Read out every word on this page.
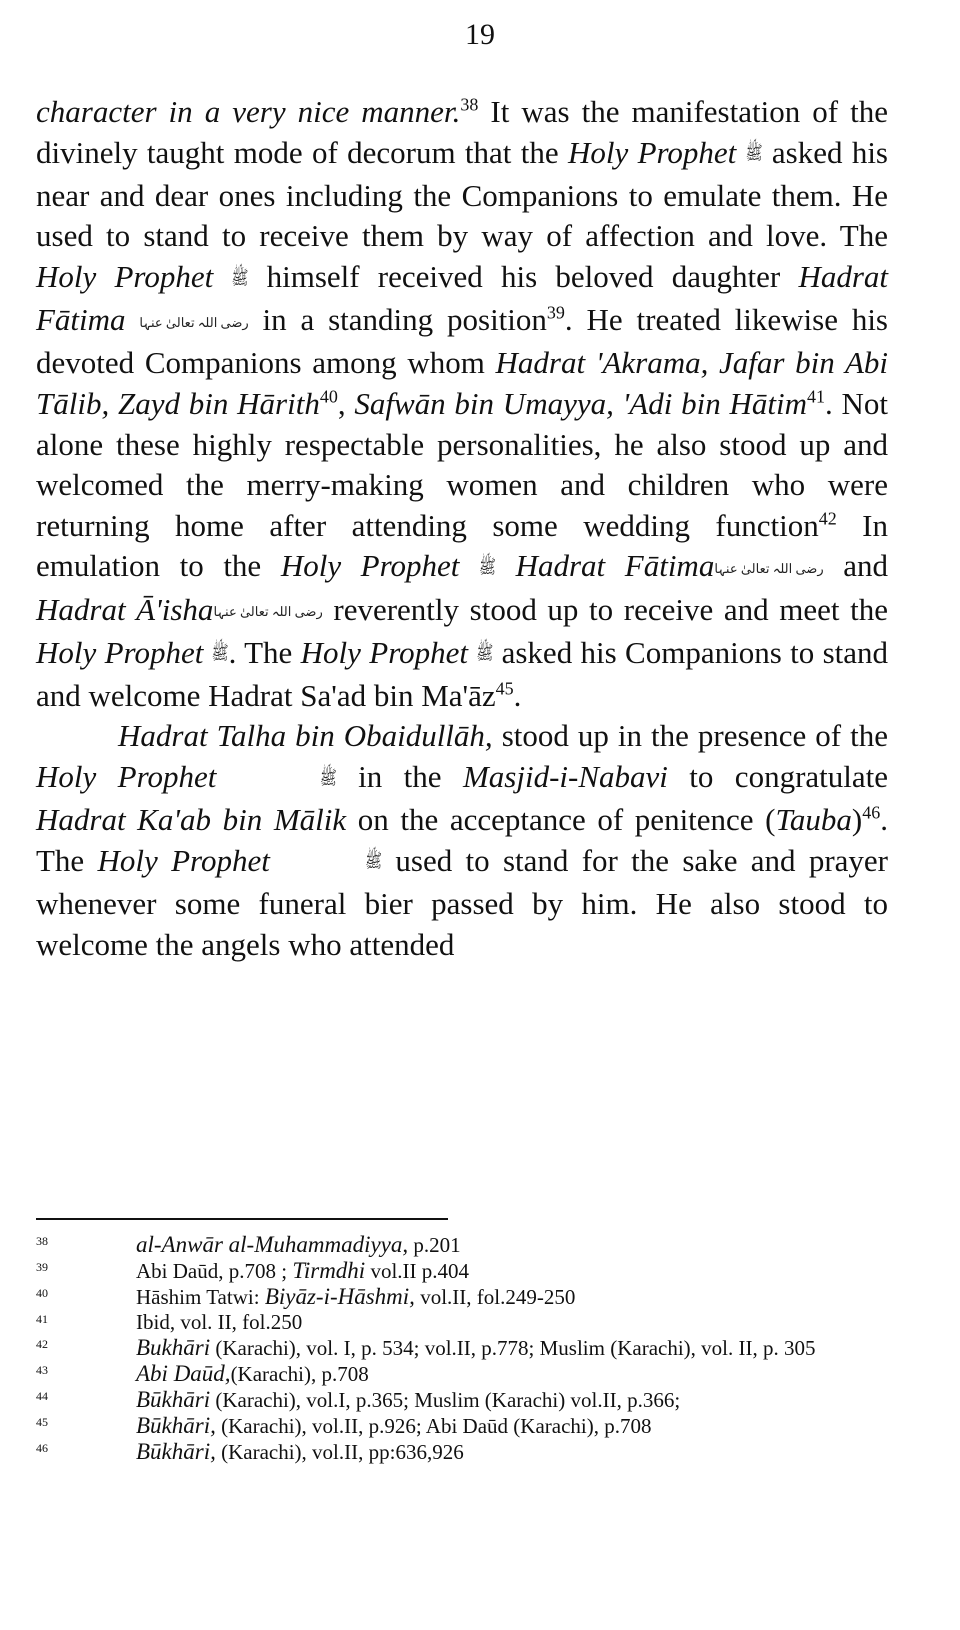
19

character in a very nice manner.$^{38}$ It was the manifestation of the divinely taught mode of decorum that the Holy Prophet ﷺ asked his near and dear ones including the Companions to emulate them. He used to stand to receive them by way of affection and love. The Holy Prophet ﷺ himself received his beloved daughter Hadrat Fātima رضی اللہ تعالیٰ عنہا in a standing position$^{39}$. He treated likewise his devoted Companions among whom Hadrat 'Akrama, Jafar bin Abi Tālib, Zayd bin Hārith$^{40}$, Safwān bin Umayya, 'Adi bin Hātim$^{41}$. Not alone these highly respectable personalities, he also stood up and welcomed the merry-making women and children who were returning home after attending some wedding function$^{42}$ In emulation to the Holy Prophet ﷺ Hadrat Fātimaرضی اللہ تعالیٰ عنہا and Hadrat Ā'ishaرضی اللہ تعالیٰ عنہا reverently stood up to receive and meet the Holy Prophet ﷺ. The Holy Prophet ﷺ asked his Companions to stand and welcome Hadrat Sa'ad bin $Ma'āz^{45}$.

Hadrat Talha bin Obaidullāh, stood up in the presence of the Holy Prophet	ﷺ in the Masjid-i-Nabavi to congratulate Hadrat Ka'ab bin Mālik on the acceptance of penitence (Tauba)$^{46}$. The Holy Prophet	ﷺ used to stand for the sake and prayer whenever some funeral bier passed by him. He also stood to welcome the angels who attended

38	al-Anwār al-Muhammadiyya, p.201
39	Abi Daūd, p.708 ; Tirmdhi vol.II p.404
40	Hāshim Tatwi: Biyāz-i-Hāshmi, vol.II, fol.249-250
41	Ibid, vol. II, fol.250
42	Bukhāri (Karachi), vol. I, p. 534; vol.II, p.778; Muslim (Karachi), vol. II, p. 305
43	Abi Daūd,(Karachi), p.708
44	Būkhāri (Karachi), vol.I, p.365; Muslim (Karachi) vol.II, p.366;
45	Būkhāri, (Karachi), vol.II, p.926; Abi Daūd (Karachi), p.708
46	Būkhāri, (Karachi), vol.II, pp:636,926
